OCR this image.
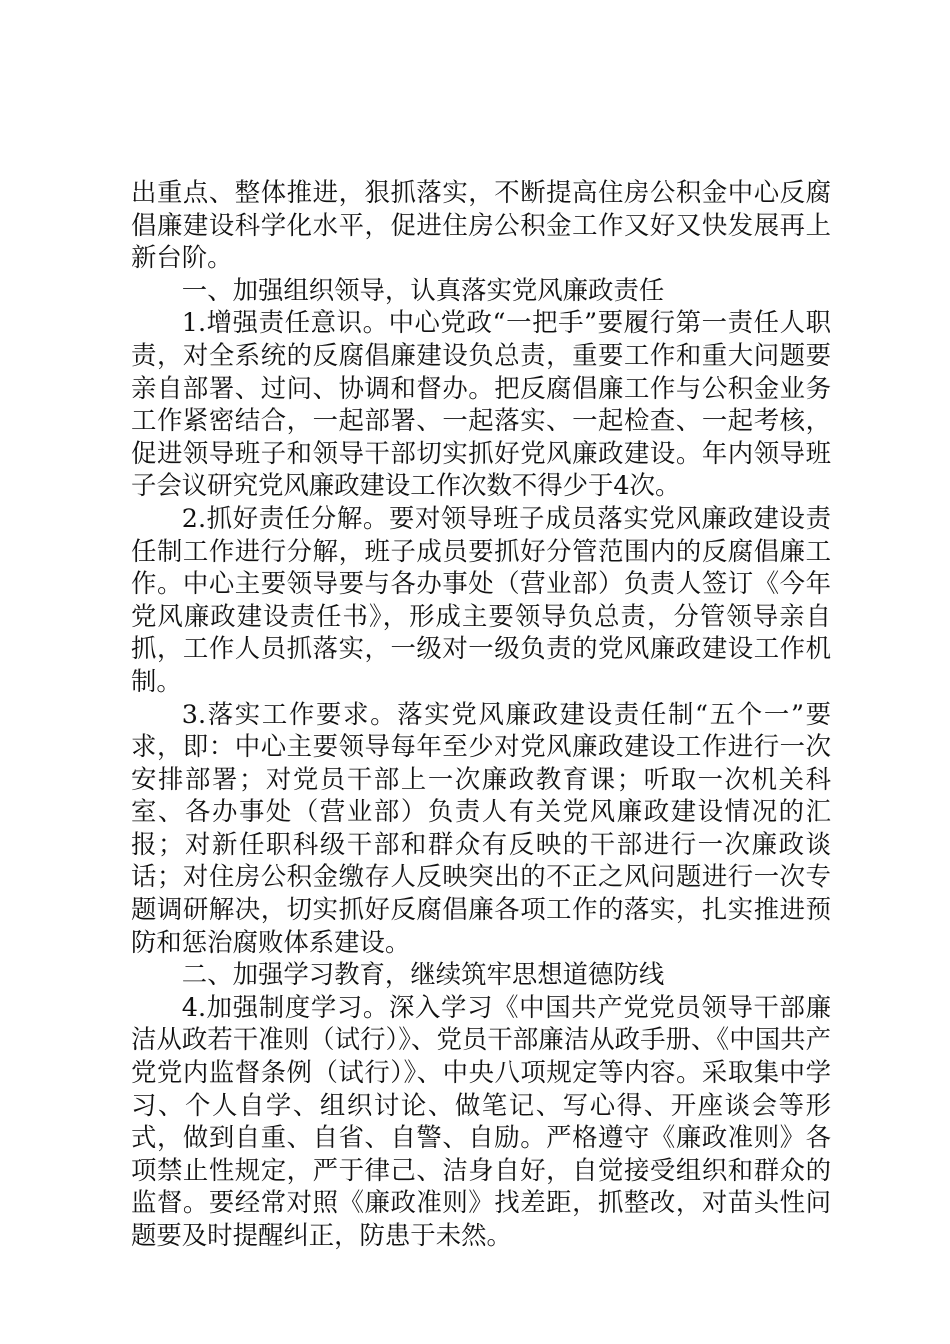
出重点、整体推进，狠抓落实，不断提高住房公积金中心反腐倡廉建设科学化水平，促进住房公积金工作又好又快发展再上新台阶。

一、加强组织领导，认真落实党风廉政责任

1.增强责任意识。中心党政“一把手”要履行第一责任人职责，对全系统的反腐倡廉建设负总责，重要工作和重大问题要亲自部署、过问、协调和督办。把反腐倡廉工作与公积金业务工作紧密结合，一起部署、一起落实、一起检查、一起考核，促进领导班子和领导干部切实抓好党风廉政建设。年内领导班子会议研究党风廉政建设工作次数不得少于4次。

2.抓好责任分解。要对领导班子成员落实党风廉政建设责任制工作进行分解，班子成员要抓好分管范围内的反腐倡廉工作。中心主要领导要与各办事处（营业部）负责人签订《今年党风廉政建设责任书》，形成主要领导负总责，分管领导亲自抓，工作人员抓落实，一级对一级负责的党风廉政建设工作机制。

3.落实工作要求。落实党风廉政建设责任制“五个一”要求，即：中心主要领导每年至少对党风廉政建设工作进行一次安排部署；对党员干部上一次廉政教育课；听取一次机关科室、各办事处（营业部）负责人有关党风廉政建设情况的汇报；对新任职科级干部和群众有反映的干部进行一次廉政谈话；对住房公积金缴存人反映突出的不正之风问题进行一次专题调研解决，切实抓好反腐倡廉各项工作的落实，扎实推进预防和惩治腐败体系建设。

二、加强学习教育，继续筑牢思想道德防线

4.加强制度学习。深入学习《中国共产党党员领导干部廉洁从政若干准则（试行）》、党员干部廉洁从政手册、《中国共产党党内监督条例（试行）》、中央八项规定等内容。采取集中学习、个人自学、组织讨论、做笔记、写心得、开座谈会等形式，做到自重、自省、自警、自励。严格遵守《廉政准则》各项禁止性规定，严于律己、洁身自好，自觉接受组织和群众的监督。要经常对照《廉政准则》找差距，抓整改，对苗头性问题要及时提醒纠正，防患于未然。
